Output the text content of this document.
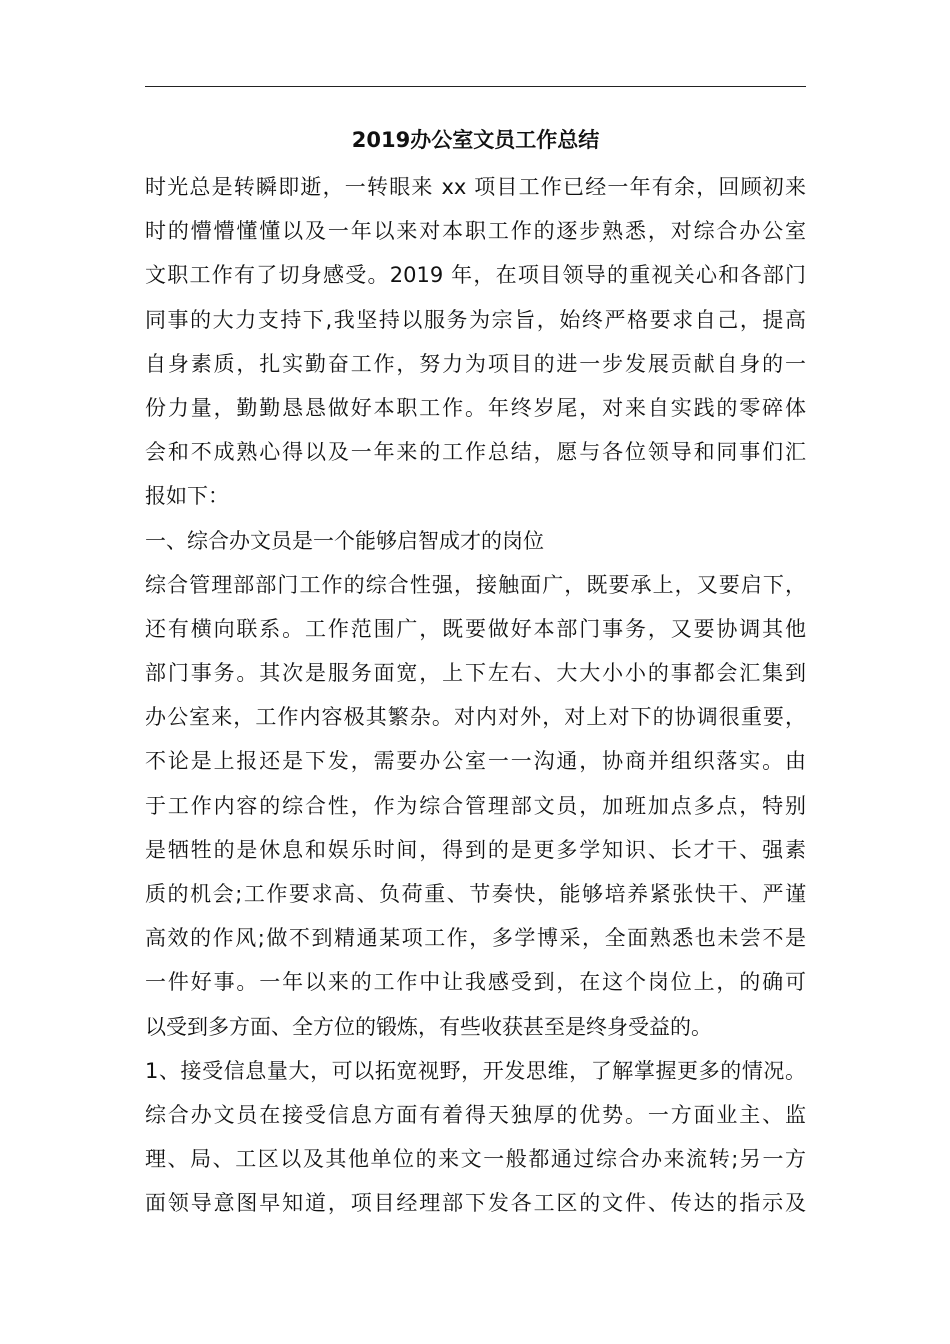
2019办公室文员工作总结
时光总是转瞬即逝，一转眼来 xx 项目工作已经一年有余，回顾初来
时的懵懵懂懂以及一年以来对本职工作的逐步熟悉，对综合办公室
文职工作有了切身感受。2019 年，在项目领导的重视关心和各部门
同事的大力支持下,我坚持以服务为宗旨，始终严格要求自己，提高
自身素质，扎实勤奋工作，努力为项目的进一步发展贡献自身的一
份力量，勤勤恳恳做好本职工作。年终岁尾，对来自实践的零碎体
会和不成熟心得以及一年来的工作总结，愿与各位领导和同事们汇
报如下：
一、综合办文员是一个能够启智成才的岗位
综合管理部部门工作的综合性强，接触面广，既要承上，又要启下，
还有横向联系。工作范围广，既要做好本部门事务，又要协调其他
部门事务。其次是服务面宽，上下左右、大大小小的事都会汇集到
办公室来，工作内容极其繁杂。对内对外，对上对下的协调很重要，
不论是上报还是下发，需要办公室一一沟通，协商并组织落实。由
于工作内容的综合性，作为综合管理部文员，加班加点多点，特别
是牺牲的是休息和娱乐时间，得到的是更多学知识、长才干、强素
质的机会;工作要求高、负荷重、节奏快，能够培养紧张快干、严谨
高效的作风;做不到精通某项工作，多学博采，全面熟悉也未尝不是
一件好事。一年以来的工作中让我感受到，在这个岗位上，的确可
以受到多方面、全方位的锻炼，有些收获甚至是终身受益的。
1、接受信息量大，可以拓宽视野，开发思维，了解掌握更多的情况。
综合办文员在接受信息方面有着得天独厚的优势。一方面业主、监
理、局、工区以及其他单位的来文一般都通过综合办来流转;另一方
面领导意图早知道，项目经理部下发各工区的文件、传达的指示及
